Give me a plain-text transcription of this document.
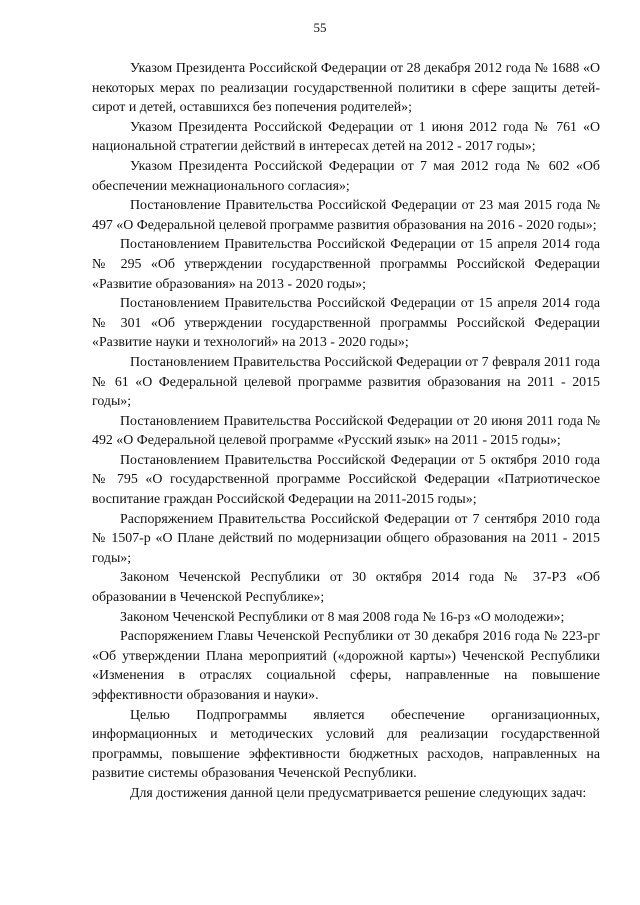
55

Указом Президента Российской Федерации от 28 декабря 2012 года № 1688 «О некоторых мерах по реализации государственной политики в сфере защиты детей-сирот и детей, оставшихся без попечения родителей»;

Указом Президента Российской Федерации от 1 июня 2012 года № 761 «О национальной стратегии действий в интересах детей на 2012 - 2017 годы»;

Указом Президента Российской Федерации от 7 мая 2012 года № 602 «Об обеспечении межнационального согласия»;

Постановление Правительства Российской Федерации от 23 мая 2015 года № 497 «О Федеральной целевой программе развития образования на 2016 - 2020 годы»;

Постановлением Правительства Российской Федерации от 15 апреля 2014 года № 295 «Об утверждении государственной программы Российской Федерации «Развитие образования» на 2013 - 2020 годы»;

Постановлением Правительства Российской Федерации от 15 апреля 2014 года № 301 «Об утверждении государственной программы Российской Федерации «Развитие науки и технологий» на 2013 - 2020 годы»;

Постановлением Правительства Российской Федерации от 7 февраля 2011 года № 61 «О Федеральной целевой программе развития образования на 2011 - 2015 годы»;

Постановлением Правительства Российской Федерации от 20 июня 2011 года № 492 «О Федеральной целевой программе «Русский язык» на 2011 - 2015 годы»;

Постановлением Правительства Российской Федерации от 5 октября 2010 года № 795 «О государственной программе Российской Федерации «Патриотическое воспитание граждан Российской Федерации на 2011-2015 годы»;

Распоряжением Правительства Российской Федерации от 7 сентября 2010 года № 1507-р «О Плане действий по модернизации общего образования на 2011 - 2015 годы»;

Законом Чеченской Республики от 30 октября 2014 года № 37-РЗ «Об образовании в Чеченской Республике»;

Законом Чеченской Республики от 8 мая 2008 года № 16-рз «О молодежи»;

Распоряжением Главы Чеченской Республики от 30 декабря 2016 года № 223-рг «Об утверждении Плана мероприятий («дорожной карты») Чеченской Республики «Изменения в отраслях социальной сферы, направленные на повышение эффективности образования и науки».

Целью Подпрограммы является обеспечение организационных, информационных и методических условий для реализации государственной программы, повышение эффективности бюджетных расходов, направленных на развитие системы образования Чеченской Республики.

Для достижения данной цели предусматривается решение следующих задач:
